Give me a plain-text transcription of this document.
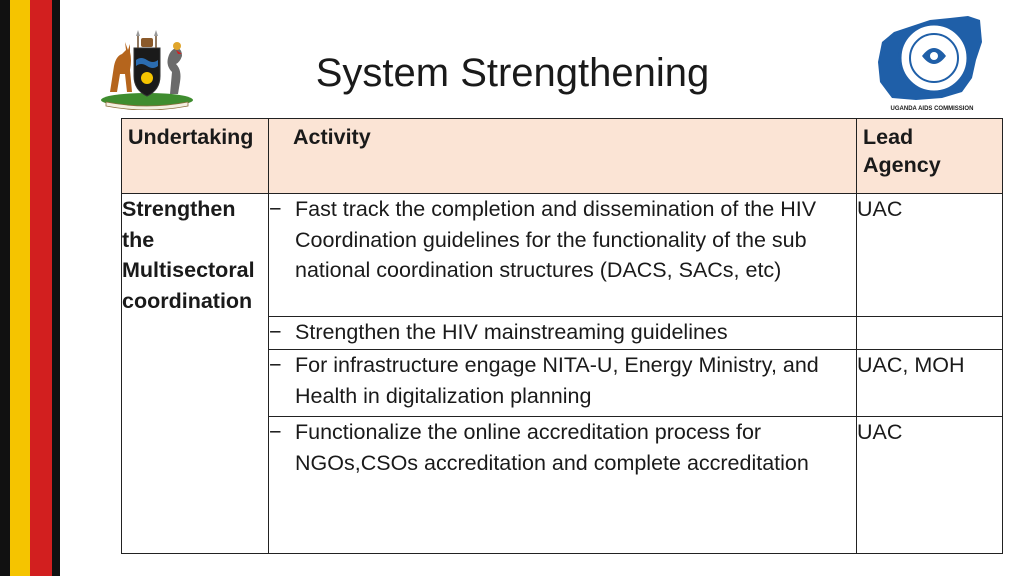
UGANDA AIDS COMMISSION
System Strengthening
Undertaking	Activity	Lead Agency
Strengthen the Multisectoral coordination	− Fast track the completion and dissemination of the HIV Coordination guidelines for the functionality of the sub national coordination structures (DACS, SACs, etc)	UAC

	− Strengthen the HIV mainstreaming guidelines	

	− For infrastructure engage NITA-U, Energy Ministry, and Health in digitalization planning	UAC, MOH

	− Functionalize the online accreditation process for NGOs,CSOs accreditation and complete accreditation	UAC
